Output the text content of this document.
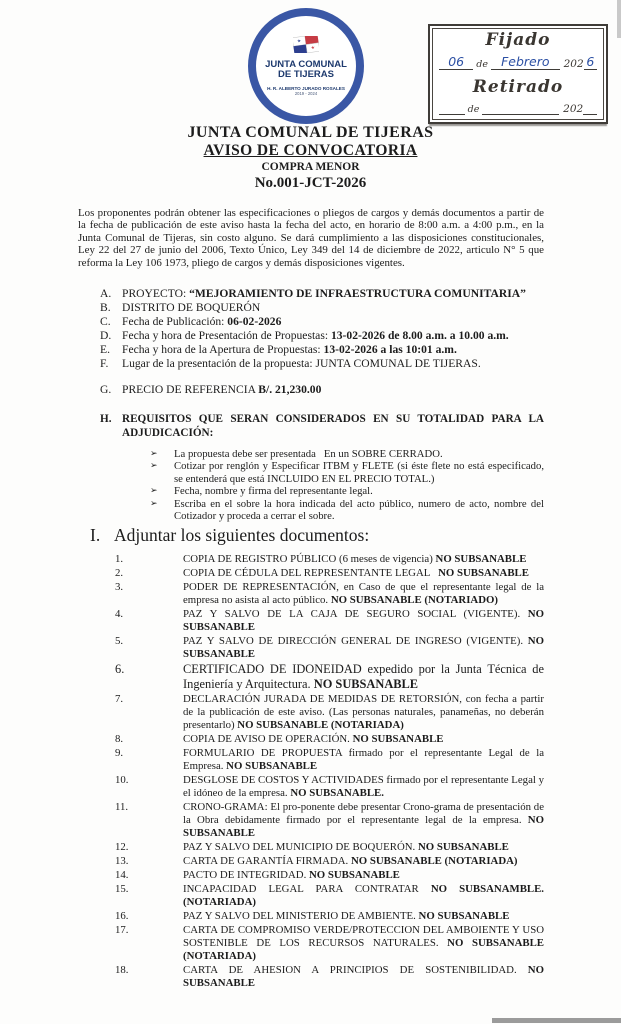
JUNTA COMUNAL
DE TIJERAS
H. R. ALBERTO JURADO ROSALES
2019 - 2024
Fijado
06	de	Febrero	202 6
Retirado

de
	202

JUNTA COMUNAL DE TIJERAS
AVISO DE CONVOCATORIA
COMPRA MENOR
No.001-JCT-2026
Los proponentes podrán obtener las especificaciones o pliegos de cargos y demás documentos a partir de la fecha de publicación de este aviso hasta la fecha del acto, en horario de 8:00 a.m. a 4:00 p.m., en la Junta Comunal de Tijeras, sin costo alguno. Se dará cumplimiento a las disposiciones constitucionales, Ley 22 del 27 de junio del 2006, Texto Único, Ley 349 del 14 de diciembre de 2022, articulo N° 5 que reforma la Ley 106 1973, pliego de cargos y demás disposiciones vigentes.
A. PROYECTO: “MEJORAMIENTO DE INFRAESTRUCTURA COMUNITARIA”
B. DISTRITO DE BOQUERÓN
C. Fecha de Publicación: 06-02-2026
D. Fecha y hora de Presentación de Propuestas: 13-02-2026 de 8.00 a.m. a 10.00 a.m.
E.	Fecha y hora de la Apertura de Propuestas: 13-02-2026 a las 10:01 a.m.
F.	Lugar de la presentación de la propuesta: JUNTA COMUNAL DE TIJERAS.
G. PRECIO DE REFERENCIA B/. 21,230.00
H. REQUISITOS QUE SERAN CONSIDERADOS EN SU TOTALIDAD PARA LA ADJUDICACIÓN:
➢	La propuesta debe ser presentada   En un SOBRE CERRADO.
➢	Cotizar por renglón y Especificar ITBM y FLETE (si éste flete no está especificado, se entenderá que está INCLUIDO EN EL PRECIO TOTAL.)
➢	Fecha, nombre y firma del representante legal.
➢	Escriba en el sobre la hora indicada del acto público, numero de acto, nombre del Cotizador y proceda a cerrar el sobre.
I. Adjuntar los siguientes documentos:
1.	COPIA DE REGISTRO PÚBLICO (6 meses de vigencia) NO SUBSANABLE
2.	COPIA DE CÉDULA DEL REPRESENTANTE LEGAL   NO SUBSANABLE
3.	PODER DE REPRESENTACIÓN, en Caso de que el representante legal de la empresa no asista al acto público. NO SUBSANABLE (NOTARIADO)
4.	PAZ Y SALVO DE LA CAJA DE SEGURO SOCIAL (VIGENTE). NO SUBSANABLE
5.	PAZ Y SALVO DE DIRECCIÓN GENERAL DE INGRESO (VIGENTE). NO SUBSANABLE
6.	CERTIFICADO DE IDONEIDAD expedido por la Junta Técnica de Ingeniería y Arquitectura. NO SUBSANABLE
7.	DECLARACIÓN JURADA DE MEDIDAS DE RETORSIÓN, con fecha a partir de la publicación de este aviso. (Las personas naturales, panameñas, no deberán presentarlo) NO SUBSANABLE (NOTARIADA)
8.	COPIA DE AVISO DE OPERACIÓN. NO SUBSANABLE
9.	FORMULARIO DE PROPUESTA firmado por el representante Legal de la Empresa. NO SUBSANABLE
10.	DESGLOSE DE COSTOS Y ACTIVIDADES firmado por el representante Legal y el idóneo de la empresa. NO SUBSANABLE.
11.	CRONO-GRAMA: El pro-ponente debe presentar Crono-grama de presentación de la Obra debidamente firmado por el representante legal de la empresa. NO SUBSANABLE
12.	PAZ Y SALVO DEL MUNICIPIO DE BOQUERÓN. NO SUBSANABLE
13.	CARTA DE GARANTÍA FIRMADA. NO SUBSANABLE (NOTARIADA)
14.	PACTO DE INTEGRIDAD. NO SUBSANABLE
15.	INCAPACIDAD LEGAL PARA CONTRATAR NO SUBSANAMBLE. (NOTARIADA)
16.	PAZ Y SALVO DEL MINISTERIO DE AMBIENTE. NO SUBSANABLE
17.	CARTA DE COMPROMISO VERDE/PROTECCION DEL AMBOIENTE Y USO SOSTENIBLE DE LOS RECURSOS NATURALES. NO SUBSANABLE (NOTARIADA)
18.	CARTA DE AHESION A PRINCIPIOS DE SOSTENIBILIDAD. NO SUBSANABLE
